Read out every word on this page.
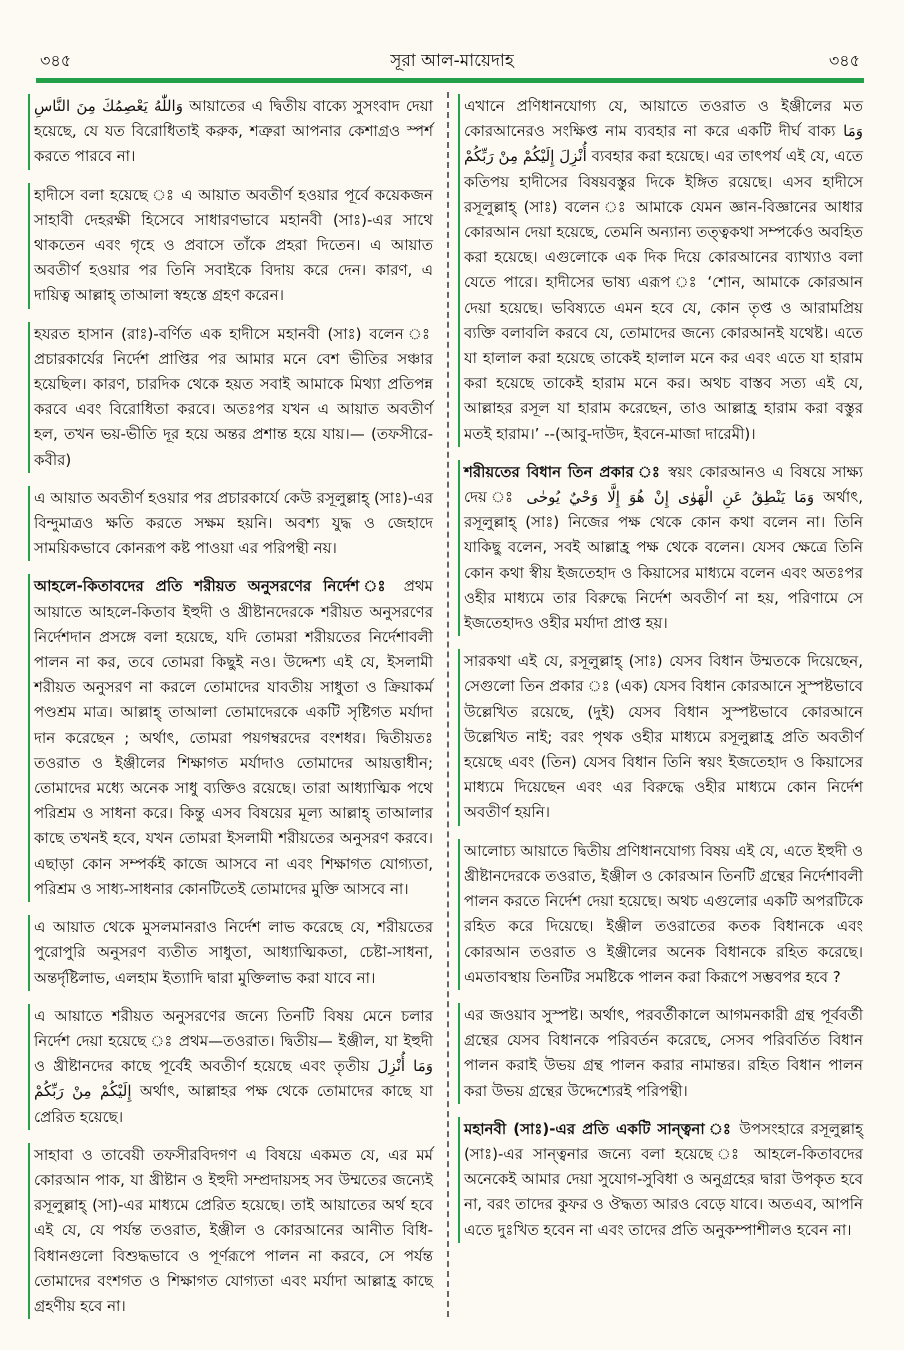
৩৪৫	সূরা আল-মায়েদাহ	৩৪৫

وَاللّٰهُ يَعْصِمُكَ مِنَ النَّاسِ আয়াতের এ দ্বিতীয় বাক্যে সুসংবাদ দেয়া হয়েছে, যে যত বিরোধিতাই করুক, শত্রুরা আপনার কেশাগ্রও স্পর্শ করতে পারবে না।

হাদীসে বলা হয়েছে ঃ এ আয়াত অবতীর্ণ হওয়ার পূর্বে কয়েকজন সাহাবী দেহরক্ষী হিসেবে সাধারণভাবে মহানবী (সাঃ)-এর সাথে থাকতেন এবং গৃহে ও প্রবাসে তাঁকে প্রহরা দিতেন। এ আয়াত অবতীর্ণ হওয়ার পর তিনি সবাইকে বিদায় করে দেন। কারণ, এ দায়িত্ব আল্লাহ্ তাআলা স্বহস্তে গ্রহণ করেন।

হযরত হাসান (রাঃ)-বর্ণিত এক হাদীসে মহানবী (সাঃ) বলেন ঃ প্রচারকার্যের নির্দেশ প্রাপ্তির পর আমার মনে বেশ ভীতির সঞ্চার হয়েছিল। কারণ, চারদিক থেকে হয়ত সবাই আমাকে মিথ্যা প্রতিপন্ন করবে এবং বিরোধিতা করবে। অতঃপর যখন এ আয়াত অবতীর্ণ হল, তখন ভয়-ভীতি দূর হয়ে অন্তর প্রশান্ত হয়ে যায়।— (তফসীরে-কবীর)

এ আয়াত অবতীর্ণ হওয়ার পর প্রচারকার্যে কেউ রসূলুল্লাহ্ (সাঃ)-এর বিন্দুমাত্রও ক্ষতি করতে সক্ষম হয়নি। অবশ্য যুদ্ধ ও জেহাদে সাময়িকভাবে কোনরূপ কষ্ট পাওয়া এর পরিপন্থী নয়।

আহলে-কিতাবদের প্রতি শরীয়ত অনুসরণের নির্দেশ ঃ প্রথম আয়াতে আহলে-কিতাব ইহুদী ও খ্রীষ্টানদেরকে শরীয়ত অনুসরণের নির্দেশদান প্রসঙ্গে বলা হয়েছে, যদি তোমরা শরীয়তের নির্দেশাবলী পালন না কর, তবে তোমরা কিছুই নও। উদ্দেশ্য এই যে, ইসলামী শরীয়ত অনুসরণ না করলে তোমাদের যাবতীয় সাধুতা ও ক্রিয়াকর্ম পণ্ডশ্রম মাত্র। আল্লাহ্ তাআলা তোমাদেরকে একটি সৃষ্টিগত মর্যাদা দান করেছেন ; অর্থাৎ, তোমরা পয়গম্বরদের বংশধর। দ্বিতীয়তঃ তওরাত ও ইঞ্জীলের শিক্ষাগত মর্যাদাও তোমাদের আয়ত্তাধীন; তোমাদের মধ্যে অনেক সাধু ব্যক্তিও রয়েছে। তারা আধ্যাত্মিক পথে পরিশ্রম ও সাধনা করে। কিন্তু এসব বিষয়ের মূল্য আল্লাহ্ তাআলার কাছে তখনই হবে, যখন তোমরা ইসলামী শরীয়তের অনুসরণ করবে। এছাড়া কোন সম্পর্কই কাজে আসবে না এবং শিক্ষাগত যোগ্যতা, পরিশ্রম ও সাধ্য-সাধনার কোনটিতেই তোমাদের মুক্তি আসবে না।

এ আয়াত থেকে মুসলমানরাও নির্দেশ লাভ করেছে যে, শরীয়তের পুরোপুরি অনুসরণ ব্যতীত সাধুতা, আধ্যাত্মিকতা, চেষ্টা-সাধনা, অন্তর্দৃষ্টিলাভ, এলহাম ইত্যাদি দ্বারা মুক্তিলাভ করা যাবে না।

এ আয়াতে শরীয়ত অনুসরণের জন্যে তিনটি বিষয় মেনে চলার নির্দেশ দেয়া হয়েছে ঃ প্রথম—তওরাত। দ্বিতীয়— ইঞ্জীল, যা ইহুদী ও খ্রীষ্টানদের কাছে পূর্বেই অবতীর্ণ হয়েছে এবং তৃতীয় وَمَا أُنْزِلَ إِلَيْكُمْ مِنْ رَبِّكُمْ অর্থাৎ, আল্লাহর পক্ষ থেকে তোমাদের কাছে যা প্রেরিত হয়েছে।

সাহাবা ও তাবেয়ী তফসীরবিদগণ এ বিষয়ে একমত যে, এর মর্ম কোরআন পাক, যা খ্রীষ্টান ও ইহুদী সম্প্রদায়সহ সব উম্মতের জন্যেই রসূলুল্লাহ্ (সা)-এর মাধ্যমে প্রেরিত হয়েছে। তাই আয়াতের অর্থ হবে এই যে, যে পর্যন্ত তওরাত, ইঞ্জীল ও কোরআনের আনীত বিধি-বিধানগুলো বিশুদ্ধভাবে ও পূর্ণরূপে পালন না করবে, সে পর্যন্ত তোমাদের বংশগত ও শিক্ষাগত যোগ্যতা এবং মর্যাদা আল্লাহ্র কাছে গ্রহণীয় হবে না।

এখানে প্রণিধানযোগ্য যে, আয়াতে তওরাত ও ইঞ্জীলের মত কোরআনেরও সংক্ষিপ্ত নাম ব্যবহার না করে একটি দীর্ঘ বাক্য وَمَا أُنْزِلَ إِلَيْكُمْ مِنْ رَبِّكُمْ ব্যবহার করা হয়েছে। এর তাৎপর্য এই যে, এতে কতিপয় হাদীসের বিষয়বস্তুর দিকে ইঙ্গিত রয়েছে। এসব হাদীসে রসূলুল্লাহ্ (সাঃ) বলেন ঃ আমাকে যেমন জ্ঞান-বিজ্ঞানের আধার কোরআন দেয়া হয়েছে, তেমনি অন্যান্য তত্ত্বকথা সম্পর্কেও অবহিত করা হয়েছে। এগুলোকে এক দিক দিয়ে কোরআনের ব্যাখ্যাও বলা যেতে পারে। হাদীসের ভাষ্য এরূপ ঃ ‘শোন, আমাকে কোরআন দেয়া হয়েছে। ভবিষ্যতে এমন হবে যে, কোন তৃপ্ত ও আরামপ্রিয় ব্যক্তি বলাবলি করবে যে, তোমাদের জন্যে কোরআনই যথেষ্ট। এতে যা হালাল করা হয়েছে তাকেই হালাল মনে কর এবং এতে যা হারাম করা হয়েছে তাকেই হারাম মনে কর। অথচ বাস্তব সত্য এই যে, আল্লাহর রসূল যা হারাম করেছেন, তাও আল্লাহ্র হারাম করা বস্তুর মতই হারাম।’ --(আবু-দাউদ, ইবনে-মাজা দারেমী)।

শরীয়তের বিধান তিন প্রকার ঃ স্বয়ং কোরআনও এ বিষয়ে সাক্ষ্য দেয় ঃ وَمَا يَنْطِقُ عَنِ الْهَوٰى إِنْ هُوَ إِلَّا وَحْيٌ يُوحٰى অর্থাৎ, রসূলুল্লাহ্ (সাঃ) নিজের পক্ষ থেকে কোন কথা বলেন না। তিনি যাকিছু বলেন, সবই আল্লাহ্র পক্ষ থেকে বলেন। যেসব ক্ষেত্রে তিনি কোন কথা স্বীয় ইজতেহাদ ও কিয়াসের মাধ্যমে বলেন এবং অতঃপর ওহীর মাধ্যমে তার বিরুদ্ধে নির্দেশ অবতীর্ণ না হয়, পরিণামে সে ইজতেহাদও ওহীর মর্যাদা প্রাপ্ত হয়।

সারকথা এই যে, রসূলুল্লাহ্ (সাঃ) যেসব বিধান উম্মতকে দিয়েছেন, সেগুলো তিন প্রকার ঃ (এক) যেসব বিধান কোরআনে সুস্পষ্টভাবে উল্লেখিত রয়েছে, (দুই) যেসব বিধান সুস্পষ্টভাবে কোরআনে উল্লেখিত নাই; বরং পৃথক ওহীর মাধ্যমে রসূলুল্লাহ্র প্রতি অবতীর্ণ হয়েছে এবং (তিন) যেসব বিধান তিনি স্বয়ং ইজতেহাদ ও কিয়াসের মাধ্যমে দিয়েছেন এবং এর বিরুদ্ধে ওহীর মাধ্যমে কোন নির্দেশ অবতীর্ণ হয়নি।

আলোচ্য আয়াতে দ্বিতীয় প্রণিধানযোগ্য বিষয় এই যে, এতে ইহুদী ও খ্রীষ্টানদেরকে তওরাত, ইঞ্জীল ও কোরআন তিনটি গ্রন্থের নির্দেশাবলী পালন করতে নির্দেশ দেয়া হয়েছে। অথচ এগুলোর একটি অপরটিকে রহিত করে দিয়েছে। ইঞ্জীল তওরাতের কতক বিধানকে এবং কোরআন তওরাত ও ইঞ্জীলের অনেক বিধানকে রহিত করেছে। এমতাবস্থায় তিনটির সমষ্টিকে পালন করা কিরূপে সম্ভবপর হবে ?

এর জওয়াব সুস্পষ্ট। অর্থাৎ, পরবর্তীকালে আগমনকারী গ্রন্থ পূর্ববর্তী গ্রন্থের যেসব বিধানকে পরিবর্তন করেছে, সেসব পরিবর্তিত বিধান পালন করাই উভয় গ্রন্থ পালন করার নামান্তর। রহিত বিধান পালন করা উভয় গ্রন্থের উদ্দেশ্যেরই পরিপন্থী।

মহানবী (সাঃ)-এর প্রতি একটি সান্ত্বনা ঃ উপসংহারে রসূলুল্লাহ্ (সাঃ)-এর সান্ত্বনার জন্যে বলা হয়েছে ঃ আহলে-কিতাবদের অনেকেই আমার দেয়া সুযোগ-সুবিধা ও অনুগ্রহের দ্বারা উপকৃত হবে না, বরং তাদের কুফর ও ঔদ্ধত্য আরও বেড়ে যাবে। অতএব, আপনি এতে দুঃখিত হবেন না এবং তাদের প্রতি অনুকম্পাশীলও হবেন না।
